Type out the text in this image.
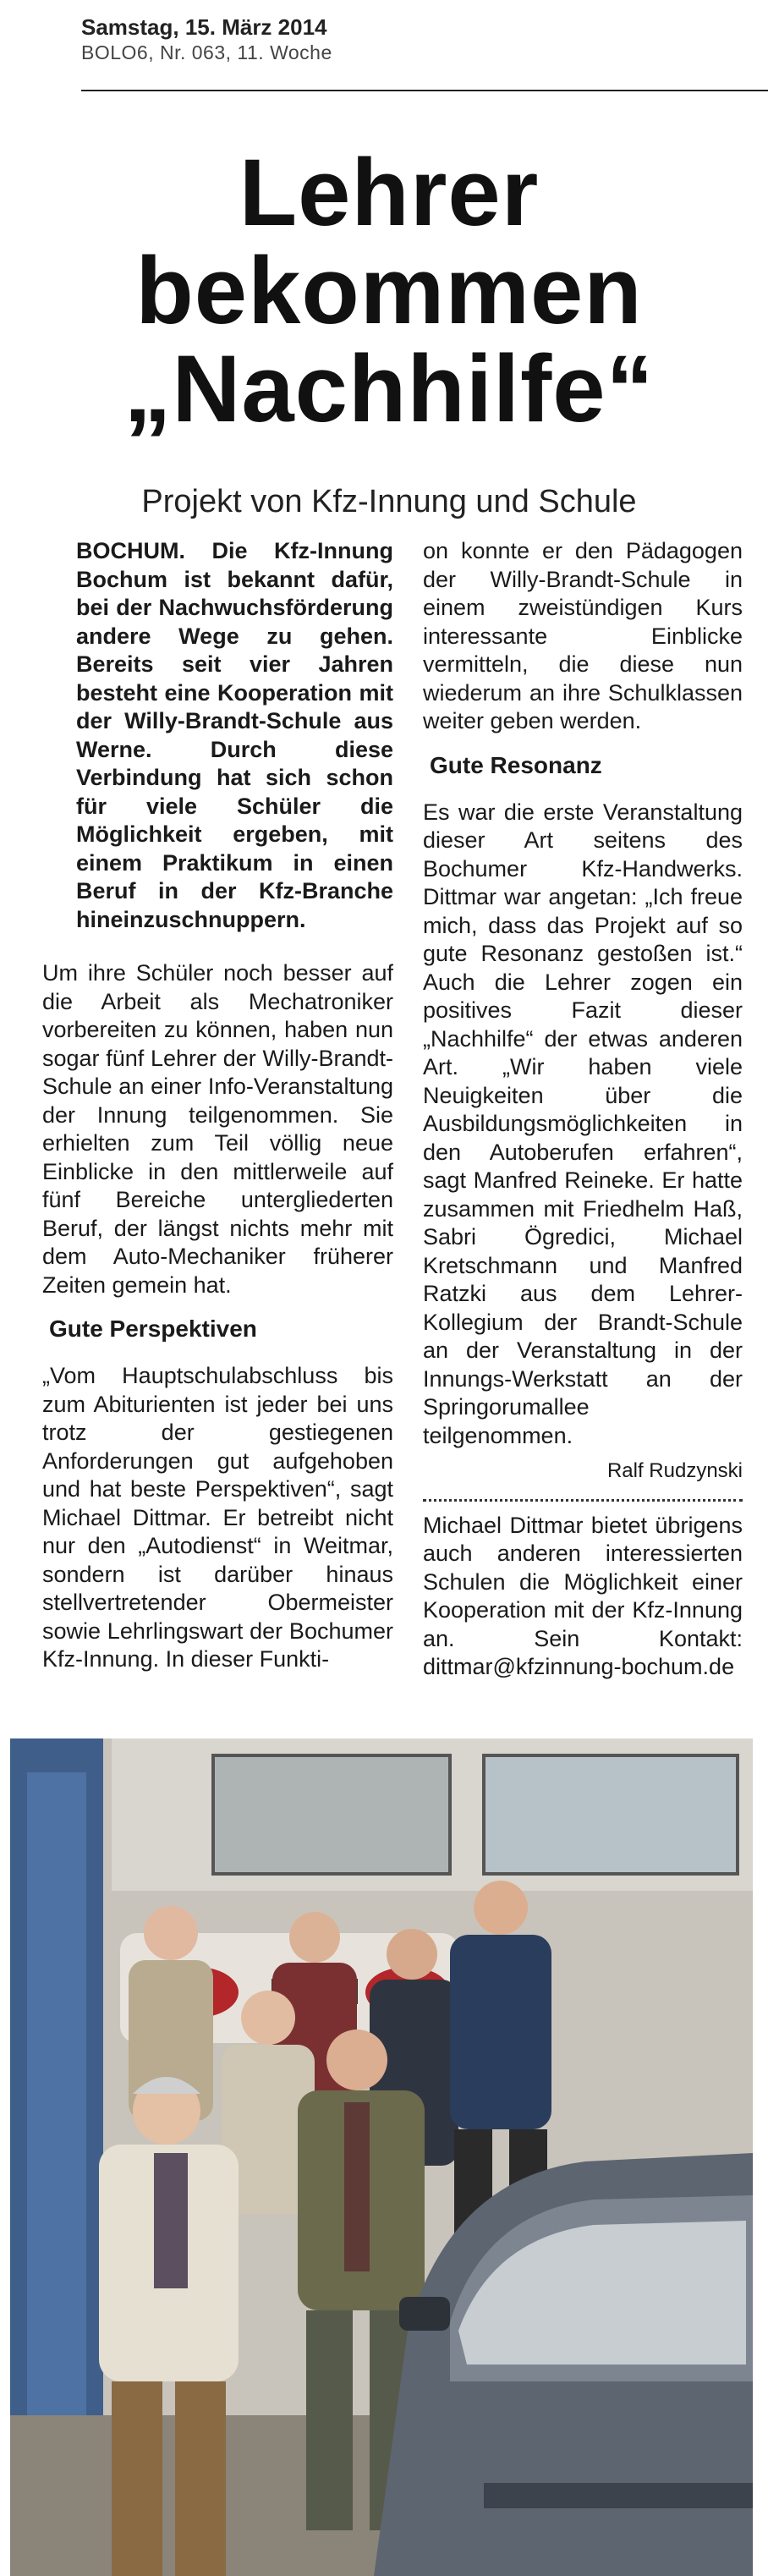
Samstag, 15. März 2014
BOLO6, Nr. 063, 11. Woche
Lehrer
bekommen
„Nachhilfe“
Projekt von Kfz-Innung und Schule

BOCHUM. Die Kfz-Innung Bochum ist bekannt dafür, bei der Nachwuchsförderung andere Wege zu gehen. Bereits seit vier Jahren besteht eine Kooperation mit der Willy-Brandt-Schule aus Werne. Durch diese Verbindung hat sich schon für viele Schüler die Möglichkeit ergeben, mit einem Praktikum in einen Beruf in der Kfz-Branche hineinzuschnuppern.

Um ihre Schüler noch besser auf die Arbeit als Mechatroniker vorbereiten zu können, haben nun sogar fünf Lehrer der Willy-Brandt-Schule an einer Info-Veranstaltung der Innung teilgenommen. Sie erhielten zum Teil völlig neue Einblicke in den mittlerweile auf fünf Bereiche untergliederten Beruf, der längst nichts mehr mit dem Auto-Mechaniker früherer Zeiten gemein hat.

Gute Perspektiven

„Vom Hauptschulabschluss bis zum Abiturienten ist jeder bei uns trotz der gestiegenen Anforderungen gut aufgehoben und hat beste Perspektiven“, sagt Michael Dittmar. Er betreibt nicht nur den „Autodienst“ in Weitmar, sondern ist darüber hinaus stellvertretender Obermeister sowie Lehrlingswart der Bochumer Kfz-Innung. In dieser Funkti-

on konnte er den Pädagogen der Willy-Brandt-Schule in einem zweistündigen Kurs interessante Einblicke vermitteln, die diese nun wiederum an ihre Schulklassen weiter geben werden.

Gute Resonanz

Es war die erste Veranstaltung dieser Art seitens des Bochumer Kfz-Handwerks. Dittmar war angetan: „Ich freue mich, dass das Projekt auf so gute Resonanz gestoßen ist.“ Auch die Lehrer zogen ein positives Fazit dieser „Nachhilfe“ der etwas anderen Art. „Wir haben viele Neuigkeiten über die Ausbildungsmöglichkeiten in den Autoberufen erfahren“, sagt Manfred Reineke. Er hatte zusammen mit Friedhelm Haß, Sabri Ögredici, Michael Kretschmann und Manfred Ratzki aus dem Lehrer-Kollegium der Brandt-Schule an der Veranstaltung in der Innungs-Werkstatt an der Springorumallee teilgenommen.

Ralf Rudzynski

Michael Dittmar bietet übrigens auch anderen interessierten Schulen die Möglichkeit einer Kooperation mit der Kfz-Innung an. Sein Kontakt: dittmar@kfzinnung-bochum.de
